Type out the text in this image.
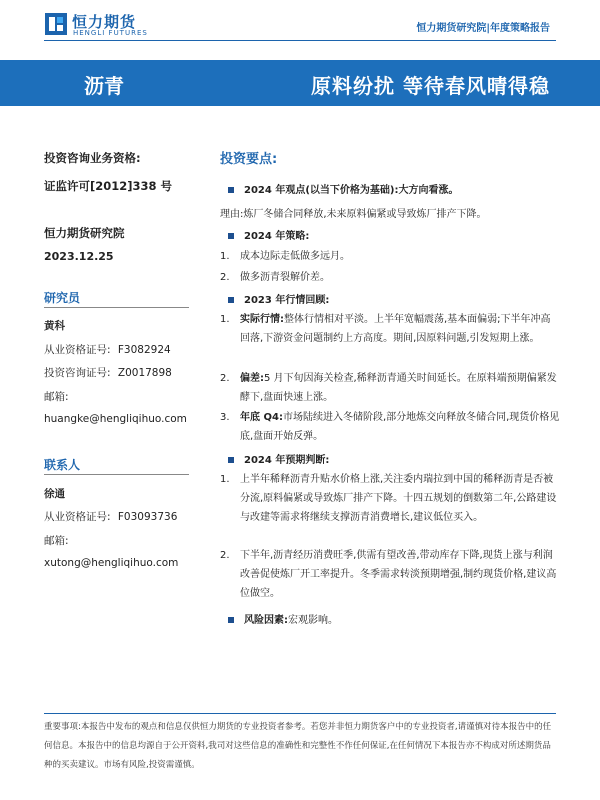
恒力期货
HENGLI FUTURES	恒力期货研究院|年度策略报告
沥青	原料纷扰 等待春风晴得稳
投资咨询业务资格:
证监许可[2012]338 号
恒力期货研究院
2023.12.25
研究员
黄科
从业资格证号: F3082924
投资咨询证号: Z0017898
邮箱:
huangke@hengliqihuo.com
联系人
徐通
从业资格证号: F03093736
邮箱:
xutong@hengliqihuo.com
投资要点:
2024 年观点(以当下价格为基础):大方向看涨。
理由:炼厂冬储合同释放,未来原料偏紧或导致炼厂排产下降。
2024 年策略:
1. 成本边际走低做多远月。
2. 做多沥青裂解价差。
2023 年行情回顾:
1. 实际行情:整体行情相对平淡。上半年宽幅震荡,基本面偏弱;下半年冲高回落,下游资金问题制约上方高度。期间,因原料问题,引发短期上涨。
2. 偏差:5 月下旬因海关检查,稀释沥青通关时间延长。在原料端预期偏紧发酵下,盘面快速上涨。
3. 年底 Q4:市场陆续进入冬储阶段,部分地炼交向释放冬储合同,现货价格见底,盘面开始反弹。
2024 年预期判断:
1. 上半年稀释沥青升贴水价格上涨,关注委内瑞拉到中国的稀释沥青是否被分流,原料偏紧或导致炼厂排产下降。十四五规划的倒数第二年,公路建设与改建等需求将继续支撑沥青消费增长,建议低位买入。
2. 下半年,沥青经历消费旺季,供需有望改善,带动库存下降,现货上涨与利润改善促使炼厂开工率提升。冬季需求转淡预期增强,制约现货价格,建议高位做空。
风险因素:宏观影响。
重要事项:本报告中发布的观点和信息仅供恒力期货的专业投资者参考。若您并非恒力期货客户中的专业投资者,请谨慎对待本报告中的任何信息。本报告中的信息均源自于公开资料,我司对这些信息的准确性和完整性不作任何保证,在任何情况下本报告亦不构成对所述期货品种的买卖建议。市场有风险,投资需谨慎。
